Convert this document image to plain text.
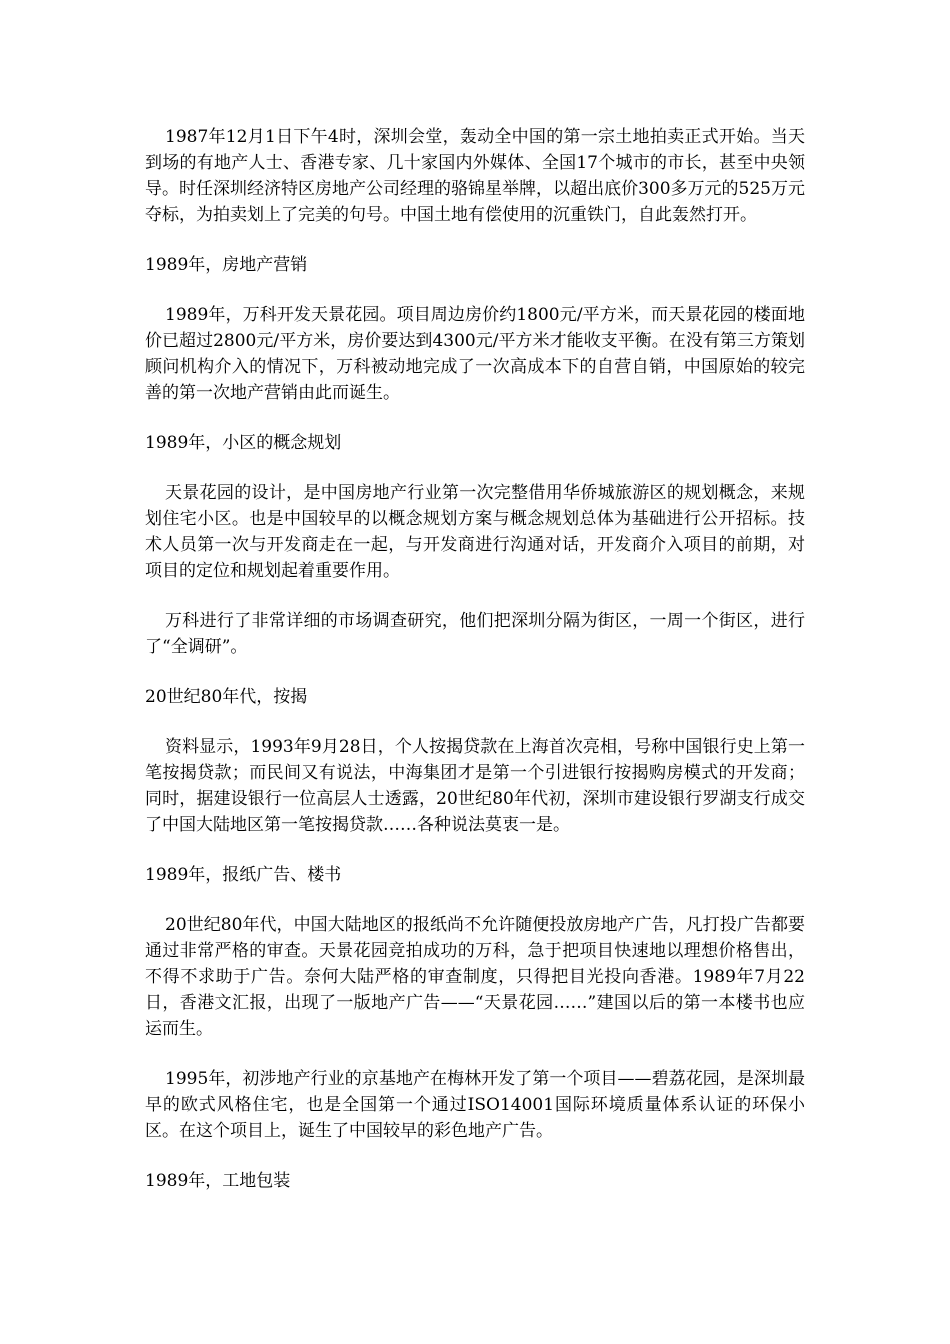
1987年12月1日下午4时，深圳会堂，轰动全中国的第一宗土地拍卖正式开始。当天到场的有地产人士、香港专家、几十家国内外媒体、全国17个城市的市长，甚至中央领导。时任深圳经济特区房地产公司经理的骆锦星举牌，以超出底价300多万元的525万元夺标，为拍卖划上了完美的句号。中国土地有偿使用的沉重铁门，自此轰然打开。

1989年，房地产营销

1989年，万科开发天景花园。项目周边房价约1800元/平方米，而天景花园的楼面地价已超过2800元/平方米，房价要达到4300元/平方米才能收支平衡。在没有第三方策划顾问机构介入的情况下，万科被动地完成了一次高成本下的自营自销，中国原始的较完善的第一次地产营销由此而诞生。

1989年，小区的概念规划

天景花园的设计，是中国房地产行业第一次完整借用华侨城旅游区的规划概念，来规划住宅小区。也是中国较早的以概念规划方案与概念规划总体为基础进行公开招标。技术人员第一次与开发商走在一起，与开发商进行沟通对话，开发商介入项目的前期，对项目的定位和规划起着重要作用。

万科进行了非常详细的市场调查研究，他们把深圳分隔为街区，一周一个街区，进行了“全调研”。

20世纪80年代，按揭

资料显示，1993年9月28日，个人按揭贷款在上海首次亮相，号称中国银行史上第一笔按揭贷款；而民间又有说法，中海集团才是第一个引进银行按揭购房模式的开发商；同时，据建设银行一位高层人士透露，20世纪80年代初，深圳市建设银行罗湖支行成交了中国大陆地区第一笔按揭贷款……各种说法莫衷一是。

1989年，报纸广告、楼书

20世纪80年代，中国大陆地区的报纸尚不允许随便投放房地产广告，凡打投广告都要通过非常严格的审查。天景花园竞拍成功的万科，急于把项目快速地以理想价格售出，不得不求助于广告。奈何大陆严格的审查制度，只得把目光投向香港。1989年7月22日，香港文汇报，出现了一版地产广告——“天景花园……”建国以后的第一本楼书也应运而生。

1995年，初涉地产行业的京基地产在梅林开发了第一个项目——碧荔花园，是深圳最早的欧式风格住宅，也是全国第一个通过ISO14001国际环境质量体系认证的环保小区。在这个项目上，诞生了中国较早的彩色地产广告。

1989年，工地包装
